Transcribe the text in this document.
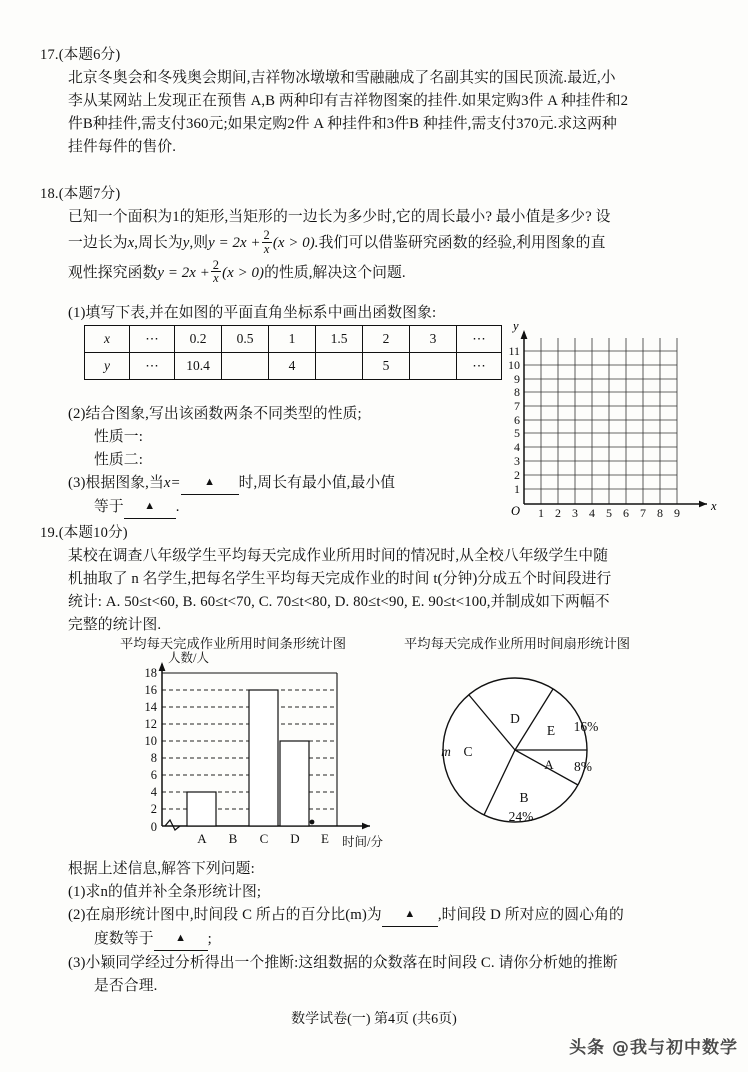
17.(本题6分)
北京冬奥会和冬残奥会期间,吉祥物冰墩墩和雪融融成了名副其实的国民顶流.最近,小
李从某网站上发现正在预售 A,B 两种印有吉祥物图案的挂件.如果定购3件 A 种挂件和2
件B种挂件,需支付360元;如果定购2件 A 种挂件和3件B 种挂件,需支付370元.求这两种
挂件每件的售价.
18.(本题7分)
已知一个面积为1的矩形,当矩形的一边长为多少时,它的周长最小? 最小值是多少? 设
一边长为x,周长为y,则$y = 2x + \frac{2}{x} (x > 0)$.我们可以借鉴研究函数的经验,利用图象的直
观性探究函数$y = 2x + \frac{2}{x} (x > 0)$的性质,解决这个问题.
(1)填写下表,并在如图的平面直角坐标系中画出函数图象:
x	⋯	0.2	0.5	1	1.5	2	3	⋯
y	⋯	10.4		4		5		⋯
(2)结合图象,写出该函数两条不同类型的性质;
性质一:
性质二:
(3)根据图象,当x= ▲ 时,周长有最小值,最小值
等于 ▲ .	O	x
y
1 2 3 4 5 6 7 8 9
1
2
3
4
5
6
7
8
9
10
11
19.(本题10分)
某校在调查八年级学生平均每天完成作业所用时间的情况时,从全校八年级学生中随
机抽取了 n 名学生,把每名学生平均每天完成作业的时间 t(分钟)分成五个时间段进行
统计: A. 50≤t<60, B. 60≤t<70, C. 70≤t<80, D. 80≤t<90, E. 90≤t<100,并制成如下两幅不
完整的统计图.
平均每天完成作业所用时间条形统计图	平均每天完成作业所用时间扇形统计图
0
2
4
6
8
10
12
14
16
18
A B C D E 时间/分
人数/人
E 16%
A 8%
B
24%
C
m
D
根据上述信息,解答下列问题:
(1)求n的值并补全条形统计图;
(2)在扇形统计图中,时间段 C 所占的百分比(m)为 ▲ ,时间段 D 所对应的圆心角的
度数等于 ▲ ;
(3)小颖同学经过分析得出一个推断:这组数据的众数落在时间段 C. 请你分析她的推断
是否合理.
数学试卷(一) 第4页 (共6页)
头条 @我与初中数学
